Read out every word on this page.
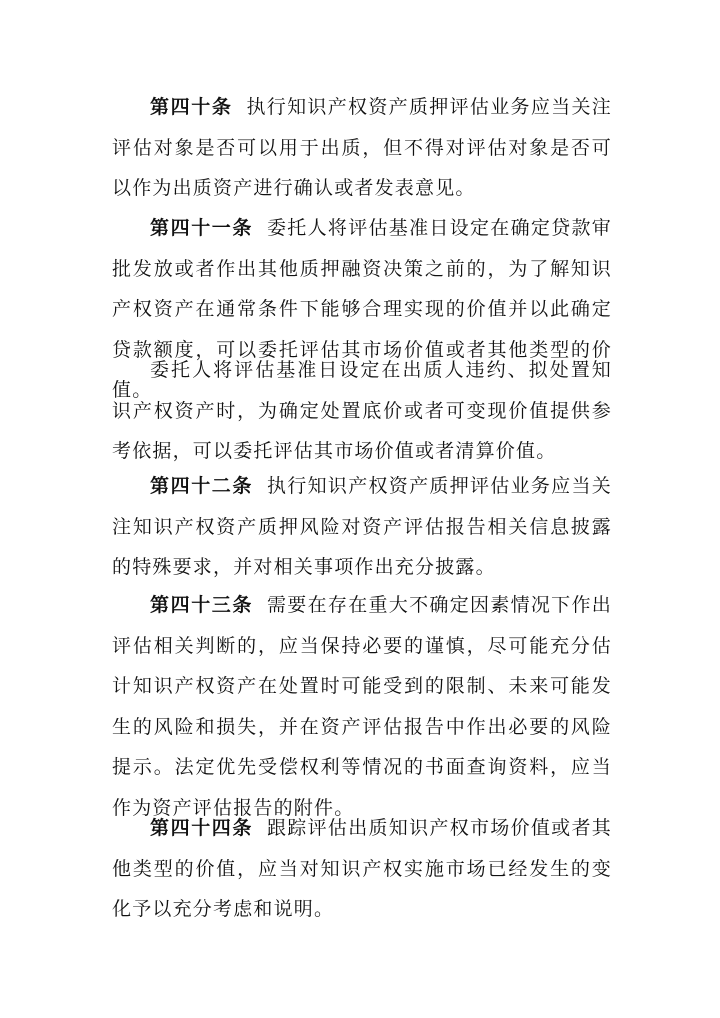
第四十条 执行知识产权资产质押评估业务应当关注评估对象是否可以用于出质，但不得对评估对象是否可以作为出质资产进行确认或者发表意见。

第四十一条 委托人将评估基准日设定在确定贷款审批发放或者作出其他质押融资决策之前的，为了解知识产权资产在通常条件下能够合理实现的价值并以此确定贷款额度，可以委托评估其市场价值或者其他类型的价值。

委托人将评估基准日设定在出质人违约、拟处置知识产权资产时，为确定处置底价或者可变现价值提供参考依据，可以委托评估其市场价值或者清算价值。

第四十二条 执行知识产权资产质押评估业务应当关注知识产权资产质押风险对资产评估报告相关信息披露的特殊要求，并对相关事项作出充分披露。

第四十三条 需要在存在重大不确定因素情况下作出评估相关判断的，应当保持必要的谨慎，尽可能充分估计知识产权资产在处置时可能受到的限制、未来可能发生的风险和损失，并在资产评估报告中作出必要的风险提示。法定优先受偿权利等情况的书面查询资料，应当作为资产评估报告的附件。

第四十四条 跟踪评估出质知识产权市场价值或者其他类型的价值，应当对知识产权实施市场已经发生的变化予以充分考虑和说明。
